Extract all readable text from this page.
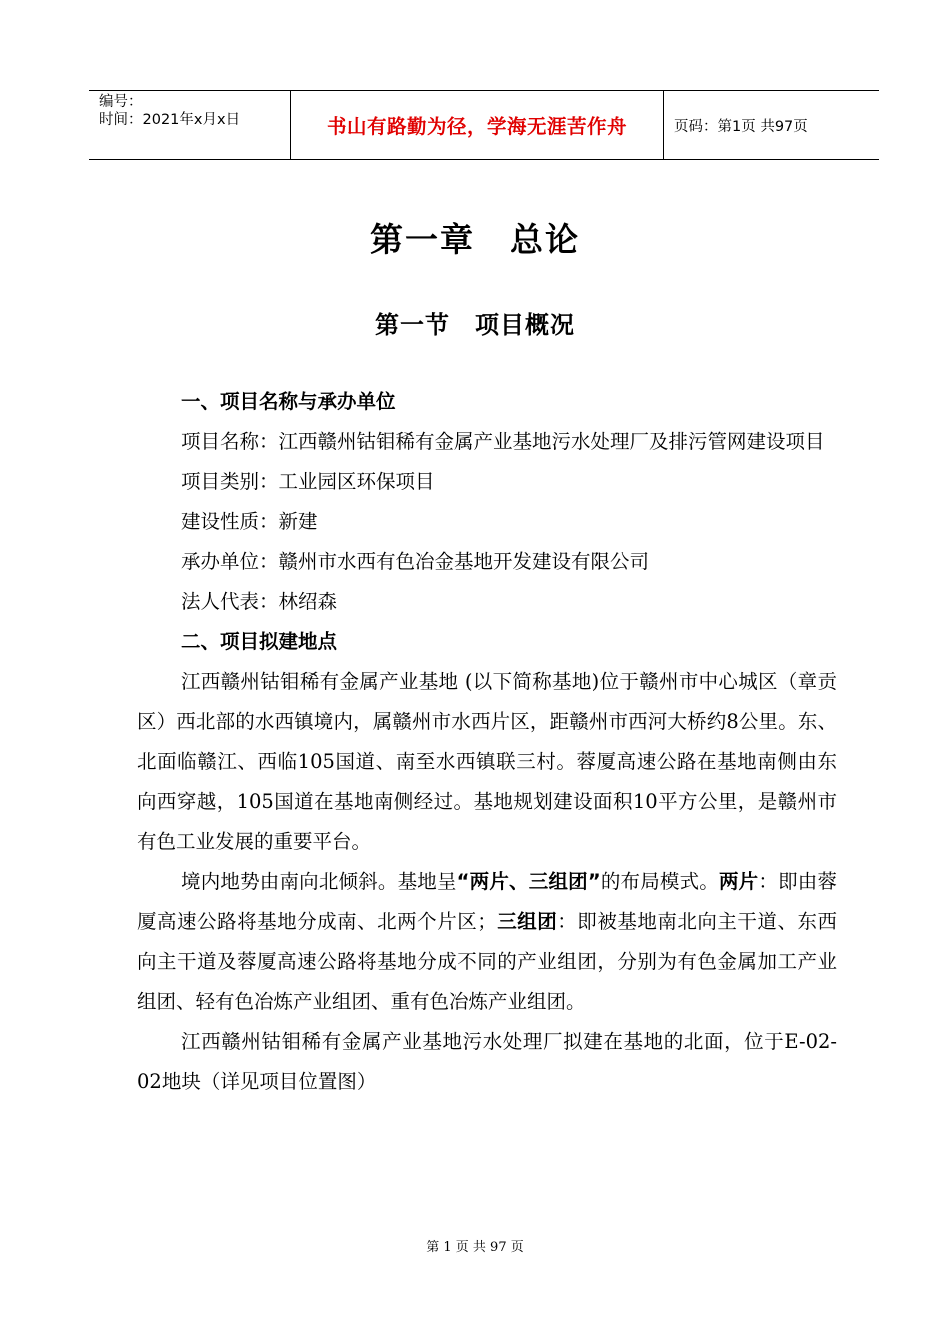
编号：
时间：2021年x月x日	书山有路勤为径，学海无涯苦作舟	页码：第1页 共97页
第一章　总论
第一节　项目概况

一、项目名称与承办单位

项目名称： 江西赣州钴钼稀有金属产业基地污水处理厂及排污管网建设项目
项目类别： 工业园区环保项目
建设性质： 新建
承办单位： 赣州市水西有色冶金基地开发建设有限公司
法人代表： 林绍森

二、项目拟建地点

江西赣州钴钼稀有金属产业基地 (以下简称基地)位于赣州市中心城区（章贡区）西北部的水西镇境内，属赣州市水西片区，距赣州市西河大桥约8公里。东、北面临赣江、西临105国道、南至水西镇联三村。蓉厦高速公路在基地南侧由东向西穿越，105国道在基地南侧经过。基地规划建设面积10平方公里，是赣州市有色工业发展的重要平台。

境内地势由南向北倾斜。基地呈“两片、三组团”的布局模式。两片：即由蓉厦高速公路将基地分成南、北两个片区；三组团：即被基地南北向主干道、东西向主干道及蓉厦高速公路将基地分成不同的产业组团，分别为有色金属加工产业组团、轻有色冶炼产业组团、重有色冶炼产业组团。

江西赣州钴钼稀有金属产业基地污水处理厂拟建在基地的北面，位于E-02-02地块（详见项目位置图）

第 1 页 共 97 页
